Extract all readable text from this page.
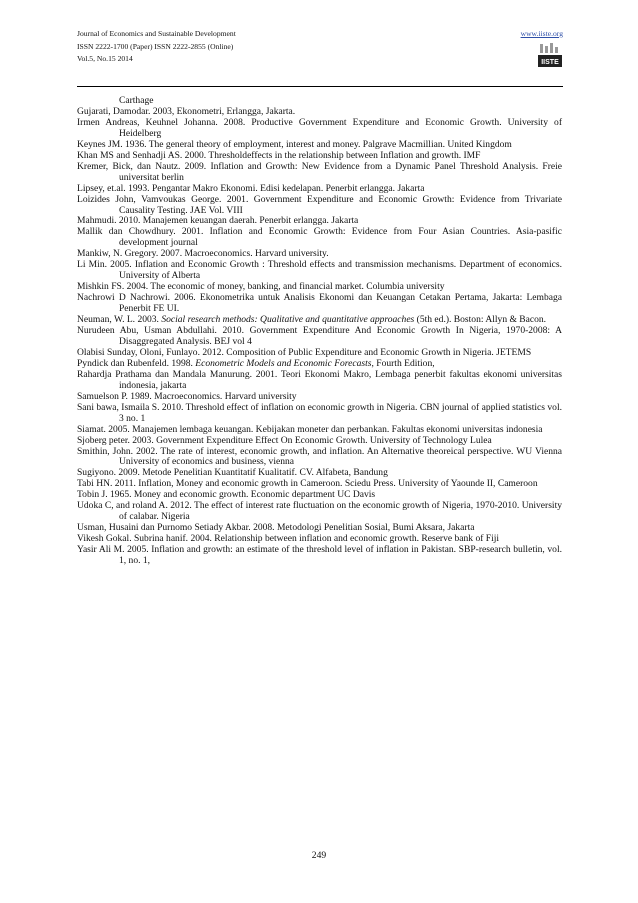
Journal of Economics and Sustainable Development
ISSN 2222-1700 (Paper) ISSN 2222-2855 (Online)
Vol.5, No.15 2014
www.iiste.org
IISTE

Carthage

Gujarati, Damodar. 2003, Ekonometri, Erlangga, Jakarta.

Irmen Andreas, Keuhnel Johanna. 2008. Productive Government Expenditure and Economic Growth. University of Heidelberg

Keynes JM. 1936. The general theory of employment, interest and money. Palgrave Macmillian. United Kingdom

Khan MS and Senhadji AS. 2000. Thresholdeffects in the relationship between Inflation and growth. IMF

Kremer, Bick, dan Nautz. 2009. Inflation and Growth: New Evidence from a Dynamic Panel Threshold Analysis. Freie universitat berlin

Lipsey, et.al. 1993. Pengantar Makro Ekonomi. Edisi kedelapan. Penerbit erlangga. Jakarta

Loizides John, Vamvoukas George. 2001. Government Expenditure and Economic Growth: Evidence from Trivariate Causality Testing. JAE Vol. VIII

Mahmudi. 2010. Manajemen keuangan daerah. Penerbit erlangga. Jakarta

Mallik dan Chowdhury. 2001. Inflation and Economic Growth: Evidence from Four Asian Countries. Asia-pasific development journal

Mankiw, N. Gregory. 2007. Macroeconomics. Harvard university.

Li Min. 2005. Inflation and Economic Growth : Threshold effects and transmission mechanisms. Department of economics. University of Alberta

Mishkin FS. 2004. The economic of money, banking, and financial market. Columbia university

Nachrowi D Nachrowi. 2006. Ekonometrika untuk Analisis Ekonomi dan Keuangan Cetakan Pertama, Jakarta: Lembaga Penerbit FE UI.

Neuman, W. L. 2003. Social research methods: Qualitative and quantitative approaches (5th ed.). Boston: Allyn & Bacon.

Nurudeen Abu, Usman Abdullahi. 2010. Government Expenditure And Economic Growth In Nigeria, 1970-2008: A Disaggregated Analysis. BEJ vol 4

Olabisi Sunday, Oloni, Funlayo. 2012. Composition of Public Expenditure and Economic Growth in Nigeria. JETEMS

Pyndick dan Rubenfeld. 1998. Econometric Models and Economic Forecasts, Fourth Edition,

Rahardja Prathama dan Mandala Manurung. 2001. Teori Ekonomi Makro, Lembaga penerbit fakultas ekonomi universitas indonesia, jakarta

Samuelson P. 1989. Macroeconomics. Harvard university

Sani bawa, Ismaila S. 2010. Threshold effect of inflation on economic growth in Nigeria. CBN journal of applied statistics vol. 3 no. 1

Siamat. 2005. Manajemen lembaga keuangan. Kebijakan moneter dan perbankan. Fakultas ekonomi universitas indonesia

Sjoberg peter. 2003. Government Expenditure Effect On Economic Growth. University of Technology Lulea

Smithin, John. 2002. The rate of interest, economic growth, and inflation. An Alternative theoreical perspective. WU Vienna University of economics and business, vienna

Sugiyono. 2009. Metode Penelitian Kuantitatif Kualitatif. CV. Alfabeta, Bandung

Tabi HN. 2011. Inflation, Money and economic growth in Cameroon. Sciedu Press. University of Yaounde II, Cameroon

Tobin J. 1965. Money and economic growth. Economic department UC Davis

Udoka C, and roland A. 2012. The effect of interest rate fluctuation on the economic growth of Nigeria, 1970-2010. University of calabar. Nigeria

Usman, Husaini dan Purnomo Setiady Akbar. 2008. Metodologi Penelitian Sosial, Bumi Aksara, Jakarta

Vikesh Gokal. Subrina hanif. 2004. Relationship between inflation and economic growth. Reserve bank of Fiji

Yasir Ali M. 2005. Inflation and growth: an estimate of the threshold level of inflation in Pakistan. SBP-research bulletin, vol. 1, no. 1,

249
